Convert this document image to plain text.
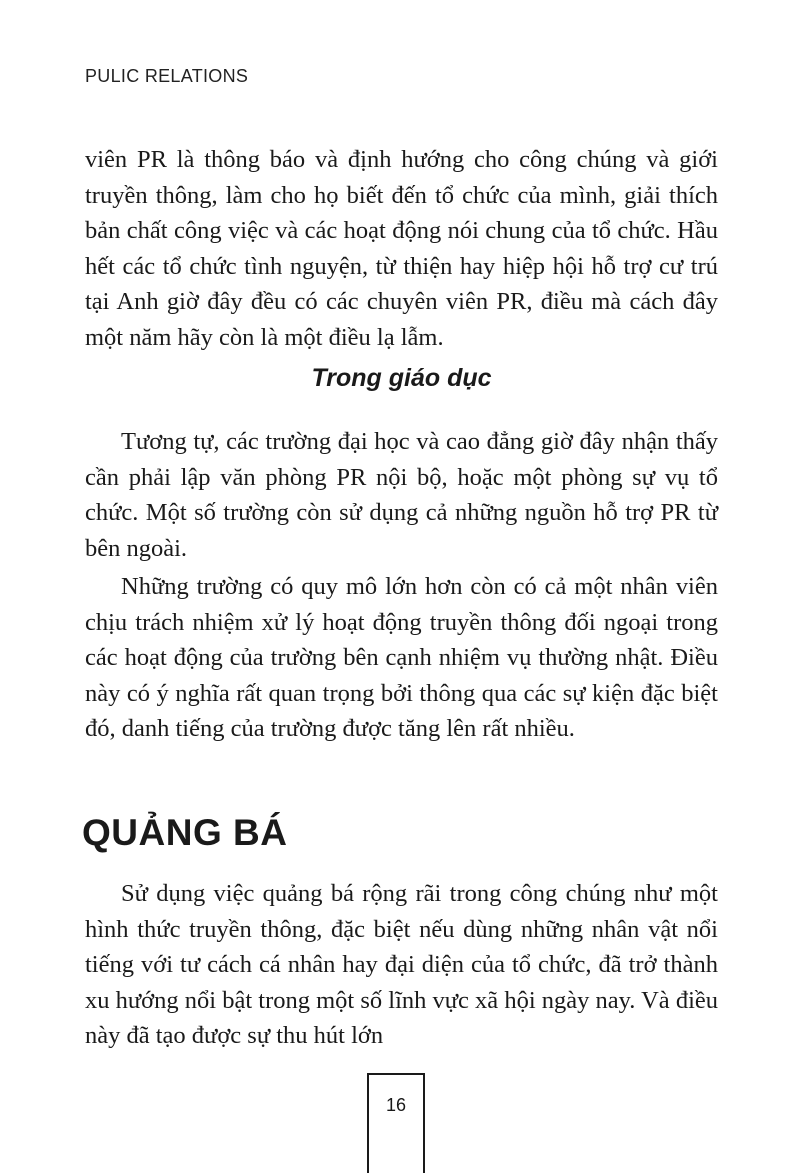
PULIC RELATIONS

viên PR là thông báo và định hướng cho công chúng và giới truyền thông, làm cho họ biết đến tổ chức của mình, giải thích bản chất công việc và các hoạt động nói chung của tổ chức. Hầu hết các tổ chức tình nguyện, từ thiện hay hiệp hội hỗ trợ cư trú tại Anh giờ đây đều có các chuyên viên PR, điều mà cách đây một năm hãy còn là một điều lạ lẫm.

Trong giáo dục

Tương tự, các trường đại học và cao đẳng giờ đây nhận thấy cần phải lập văn phòng PR nội bộ, hoặc một phòng sự vụ tổ chức. Một số trường còn sử dụng cả những nguồn hỗ trợ PR từ bên ngoài.

Những trường có quy mô lớn hơn còn có cả một nhân viên chịu trách nhiệm xử lý hoạt động truyền thông đối ngoại trong các hoạt động của trường bên cạnh nhiệm vụ thường nhật. Điều này có ý nghĩa rất quan trọng bởi thông qua các sự kiện đặc biệt đó, danh tiếng của trường được tăng lên rất nhiều.

QUẢNG BÁ

Sử dụng việc quảng bá rộng rãi trong công chúng như một hình thức truyền thông, đặc biệt nếu dùng những nhân vật nổi tiếng với tư cách cá nhân hay đại diện của tổ chức, đã trở thành xu hướng nổi bật trong một số lĩnh vực xã hội ngày nay. Và điều này đã tạo được sự thu hút lớn

16
